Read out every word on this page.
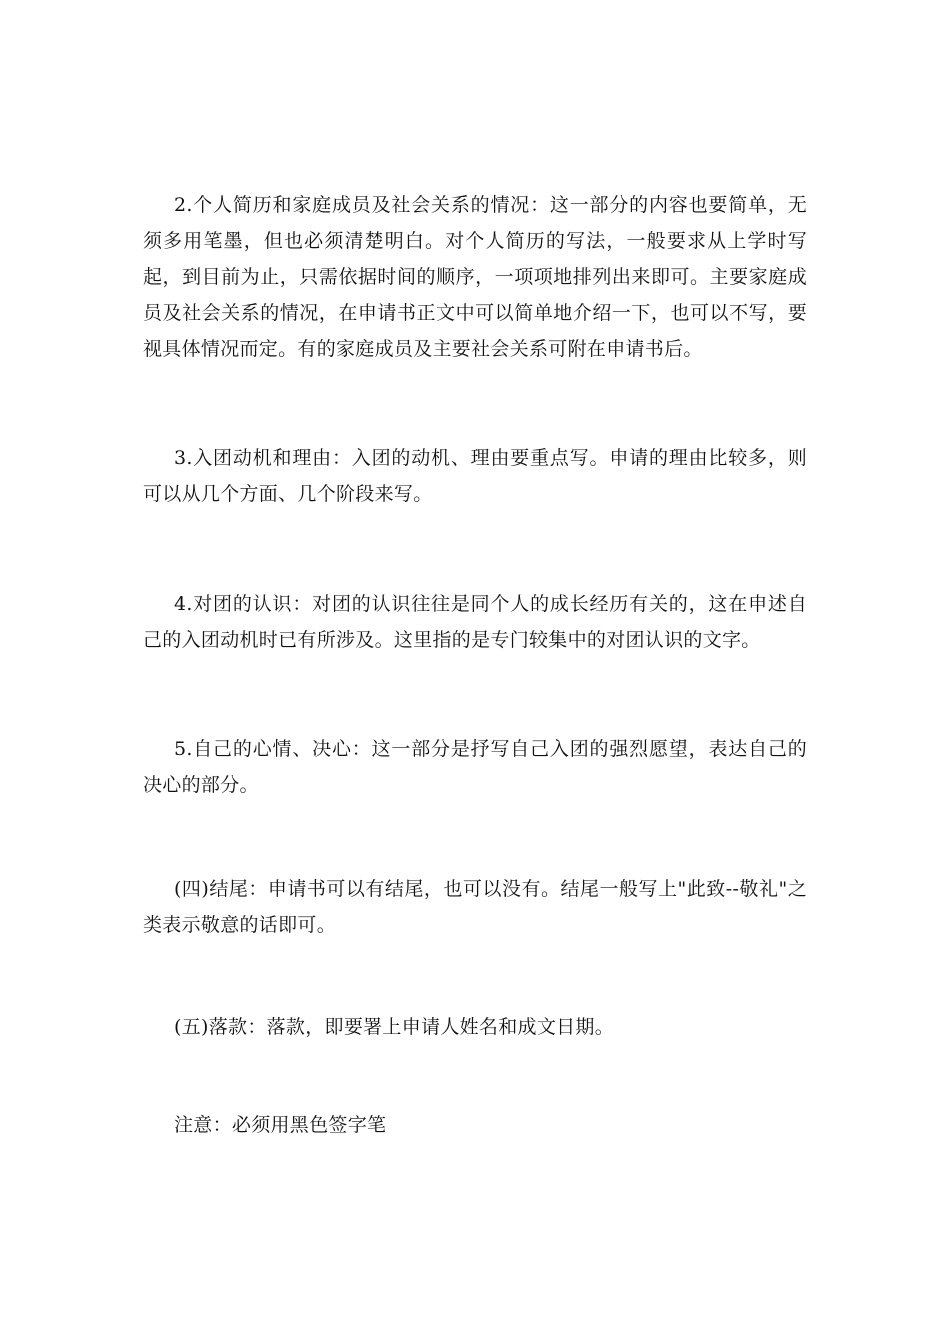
2.个人简历和家庭成员及社会关系的情况：这一部分的内容也要简单，无须多用笔墨，但也必须清楚明白。对个人简历的写法，一般要求从上学时写起，到目前为止，只需依据时间的顺序，一项项地排列出来即可。主要家庭成员及社会关系的情况，在申请书正文中可以简单地介绍一下，也可以不写，要视具体情况而定。有的家庭成员及主要社会关系可附在申请书后。

3.入团动机和理由：入团的动机、理由要重点写。申请的理由比较多，则可以从几个方面、几个阶段来写。

4.对团的认识：对团的认识往往是同个人的成长经历有关的，这在申述自己的入团动机时已有所涉及。这里指的是专门较集中的对团认识的文字。

5.自己的心情、决心：这一部分是抒写自己入团的强烈愿望，表达自己的决心的部分。

(四)结尾：申请书可以有结尾，也可以没有。结尾一般写上"此致--敬礼"之类表示敬意的话即可。

(五)落款：落款，即要署上申请人姓名和成文日期。

注意：必须用黑色签字笔
